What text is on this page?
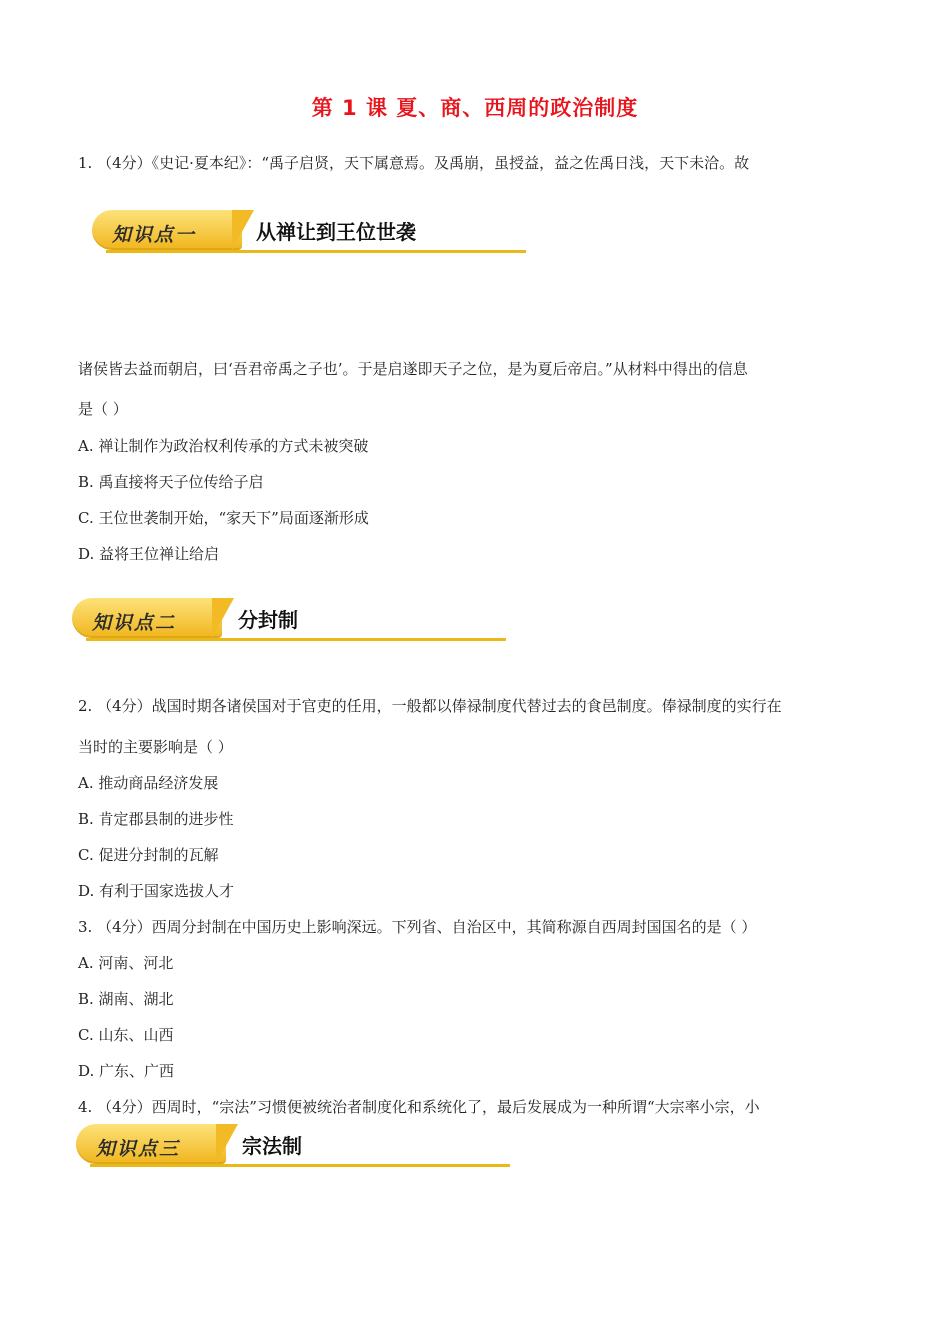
第 1 课 夏、商、西周的政治制度
1. （4分）《史记·夏本纪》：“禹子启贤，天下属意焉。及禹崩，虽授益，益之佐禹日浅，天下未洽。故
知识点一	从禅让到王位世袭
诸侯皆去益而朝启，曰‘吾君帝禹之子也’。于是启遂即天子之位，是为夏后帝启。”从材料中得出的信息
是（ ）
A. 禅让制作为政治权利传承的方式未被突破
B. 禹直接将天子位传给子启
C. 王位世袭制开始，“家天下”局面逐渐形成
D. 益将王位禅让给启
知识点二	分封制
2. （4分）战国时期各诸侯国对于官吏的任用，一般都以俸禄制度代替过去的食邑制度。俸禄制度的实行在
当时的主要影响是（ ）
A. 推动商品经济发展
B. 肯定郡县制的进步性
C. 促进分封制的瓦解
D. 有利于国家选拔人才
3. （4分）西周分封制在中国历史上影响深远。下列省、自治区中，其简称源自西周封国国名的是（ ）
A. 河南、河北
B. 湖南、湖北
C. 山东、山西
D. 广东、广西
4. （4分）西周时，“宗法”习惯便被统治者制度化和系统化了，最后发展成为一种所谓“大宗率小宗，小
知识点三	宗法制
